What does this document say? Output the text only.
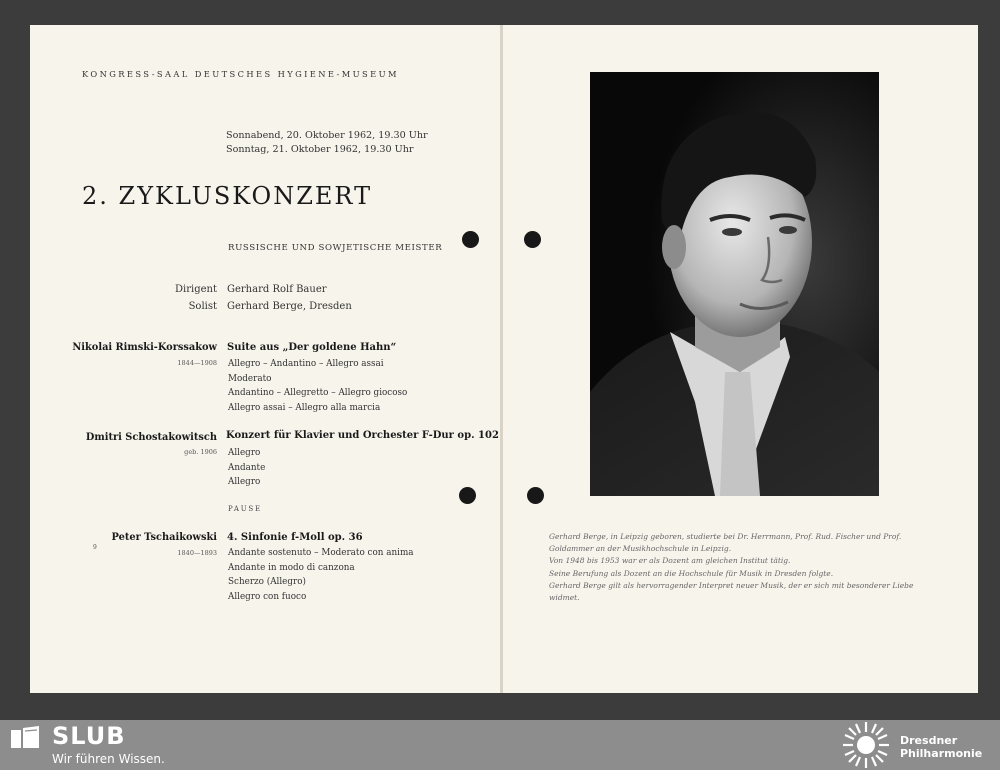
KONGRESS-SAAL DEUTSCHES HYGIENE-MUSEUM
Sonnabend, 20. Oktober 1962, 19.30 Uhr
Sonntag, 21. Oktober 1962, 19.30 Uhr
2. ZYKLUSKONZERT
RUSSISCHE UND SOWJETISCHE MEISTER
Dirigent Gerhard Rolf Bauer
Solist Gerhard Berge, Dresden
Nikolai Rimski-Korssakow
1844—1908
Suite aus „Der goldene Hahn“
Allegro – Andantino – Allegro assai
Moderato
Andantino – Allegretto – Allegro giocoso
Allegro assai – Allegro alla marcia
Dmitri Schostakowitsch
geb. 1906
Konzert für Klavier und Orchester F-Dur op. 102
Allegro
Andante
Allegro
PAUSE
9
Peter Tschaikowski
1840—1893
4. Sinfonie f-Moll op. 36
Andante sostenuto – Moderato con anima
Andante in modo di canzona
Scherzo (Allegro)
Allegro con fuoco
Gerhard Berge, in Leipzig geboren, studierte bei Dr. Herrmann, Prof. Rud. Fischer und Prof.
Goldammer an der Musikhochschule in Leipzig.
Von 1948 bis 1953 war er als Dozent am gleichen Institut tätig.
Seine Berufung als Dozent an die Hochschule für Musik in Dresden folgte.
Gerhard Berge gilt als hervorragender Interpret neuer Musik, der er sich mit besonderer Liebe
widmet.
SLUB
Wir führen Wissen.
Dresdner
Philharmonie
